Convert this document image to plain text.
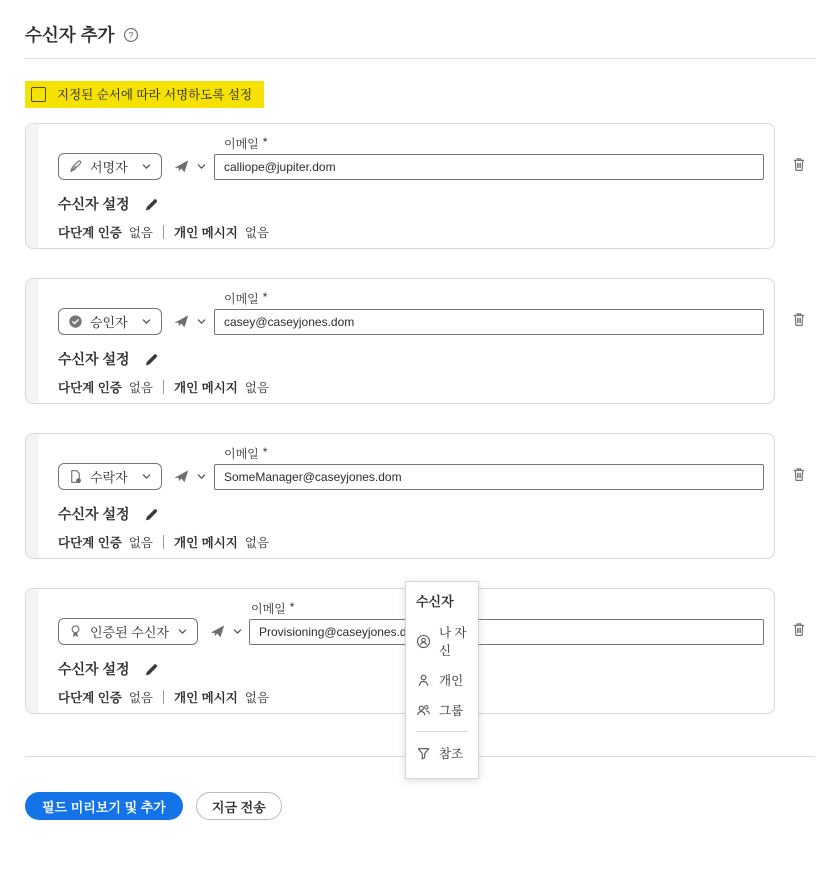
수신자 추가 ?
지정된 순서에 따라 서명하도록 설정
이메일 *
서명자
calliope@jupiter.dom
수신자 설정
다단계 인증 없음 개인 메시지 없음
이메일 *
승인자
casey@caseyjones.dom
수신자 설정
다단계 인증 없음 개인 메시지 없음
이메일 *
수락자
SomeManager@caseyjones.dom
수신자 설정
다단계 인증 없음 개인 메시지 없음
이메일 *
인증된 수신자
Provisioning@caseyjones.dom
수신자 설정
다단계 인증 없음 개인 메시지 없음
필드 미리보기 및 추가	지금 전송
수신자
나 자신
개인
그룹
참조
